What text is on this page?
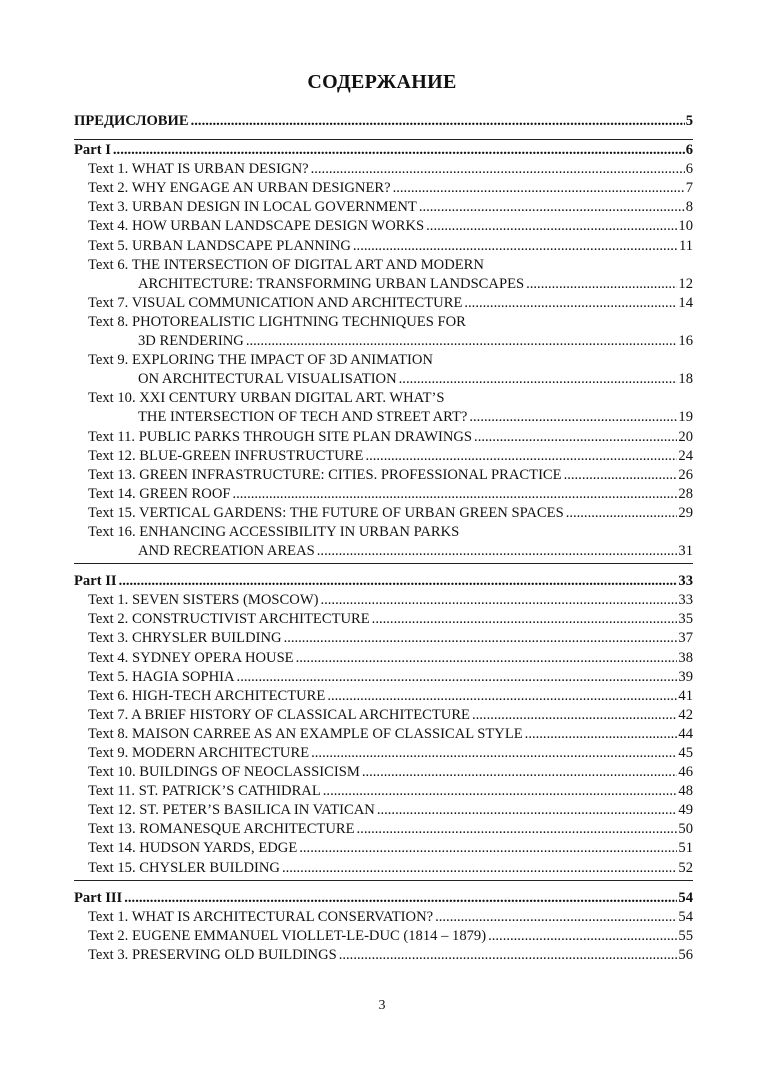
СОДЕРЖАНИЕ
ПРЕДИСЛОВИЕ .....	5
Part I .....	6
Text 1. WHAT IS URBAN DESIGN? .....	6
Text 2. WHY ENGAGE AN URBAN DESIGNER? .....	7
Text 3. URBAN DESIGN IN LOCAL GOVERNMENT .....	8
Text 4. HOW URBAN LANDSCAPE DESIGN WORKS .....	10
Text 5. URBAN LANDSCAPE PLANNING .....	11
Text 6. THE INTERSECTION OF DIGITAL ART AND MODERN
ARCHITECTURE: TRANSFORMING URBAN LANDSCAPES .....	12
Text 7. VISUAL COMMUNICATION AND ARCHITECTURE .....	14
Text 8. PHOTOREALISTIC LIGHTNING TECHNIQUES FOR
3D RENDERING .....	16
Text 9. EXPLORING THE IMPACT OF 3D ANIMATION
ON ARCHITECTURAL VISUALISATION .....	18
Text 10. XXI CENTURY URBAN DIGITAL ART. WHAT’S
THE INTERSECTION OF TECH AND STREET ART? .....	19
Text 11. PUBLIC PARKS THROUGH SITE PLAN DRAWINGS .....	20
Text 12. BLUE-GREEN INFRUSTRUCTURE .....	24
Text 13. GREEN INFRASTRUCTURE: CITIES. PROFESSIONAL PRACTICE .....	26
Text 14. GREEN ROOF .....	28
Text 15. VERTICAL GARDENS: THE FUTURE OF URBAN GREEN SPACES .....	29
Text 16. ENHANCING ACCESSIBILITY IN URBAN PARKS
AND RECREATION AREAS .....	31
Part II .....	33
Text 1. SEVEN SISTERS (MOSCOW) .....	33
Text 2. CONSTRUCTIVIST ARCHITECTURE .....	35
Text 3. CHRYSLER BUILDING .....	37
Text 4. SYDNEY OPERA HOUSE .....	38
Text 5. HAGIA SOPHIA .....	39
Text 6. HIGH-TECH ARCHITECTURE .....	41
Text 7. A BRIEF HISTORY OF CLASSICAL ARCHITECTURE .....	42
Text 8. MAISON CARREE AS AN EXAMPLE OF CLASSICAL STYLE .....	44
Text 9. MODERN ARCHITECTURE .....	45
Text 10. BUILDINGS OF NEOCLASSICISM .....	46
Text 11. ST. PATRICK’S CATHIDRAL .....	48
Text 12. ST. PETER’S BASILICA IN VATICAN .....	49
Text 13. ROMANESQUE ARCHITECTURE .....	50
Text 14. HUDSON YARDS, EDGE .....	51
Text 15. CHYSLER BUILDING .....	52
Part III .....	54
Text 1. WHAT IS ARCHITECTURAL CONSERVATION? .....	54
Text 2. EUGENE EMMANUEL VIOLLET-LE-DUC (1814 – 1879) .....	55
Text 3. PRESERVING OLD BUILDINGS .....	56
3
